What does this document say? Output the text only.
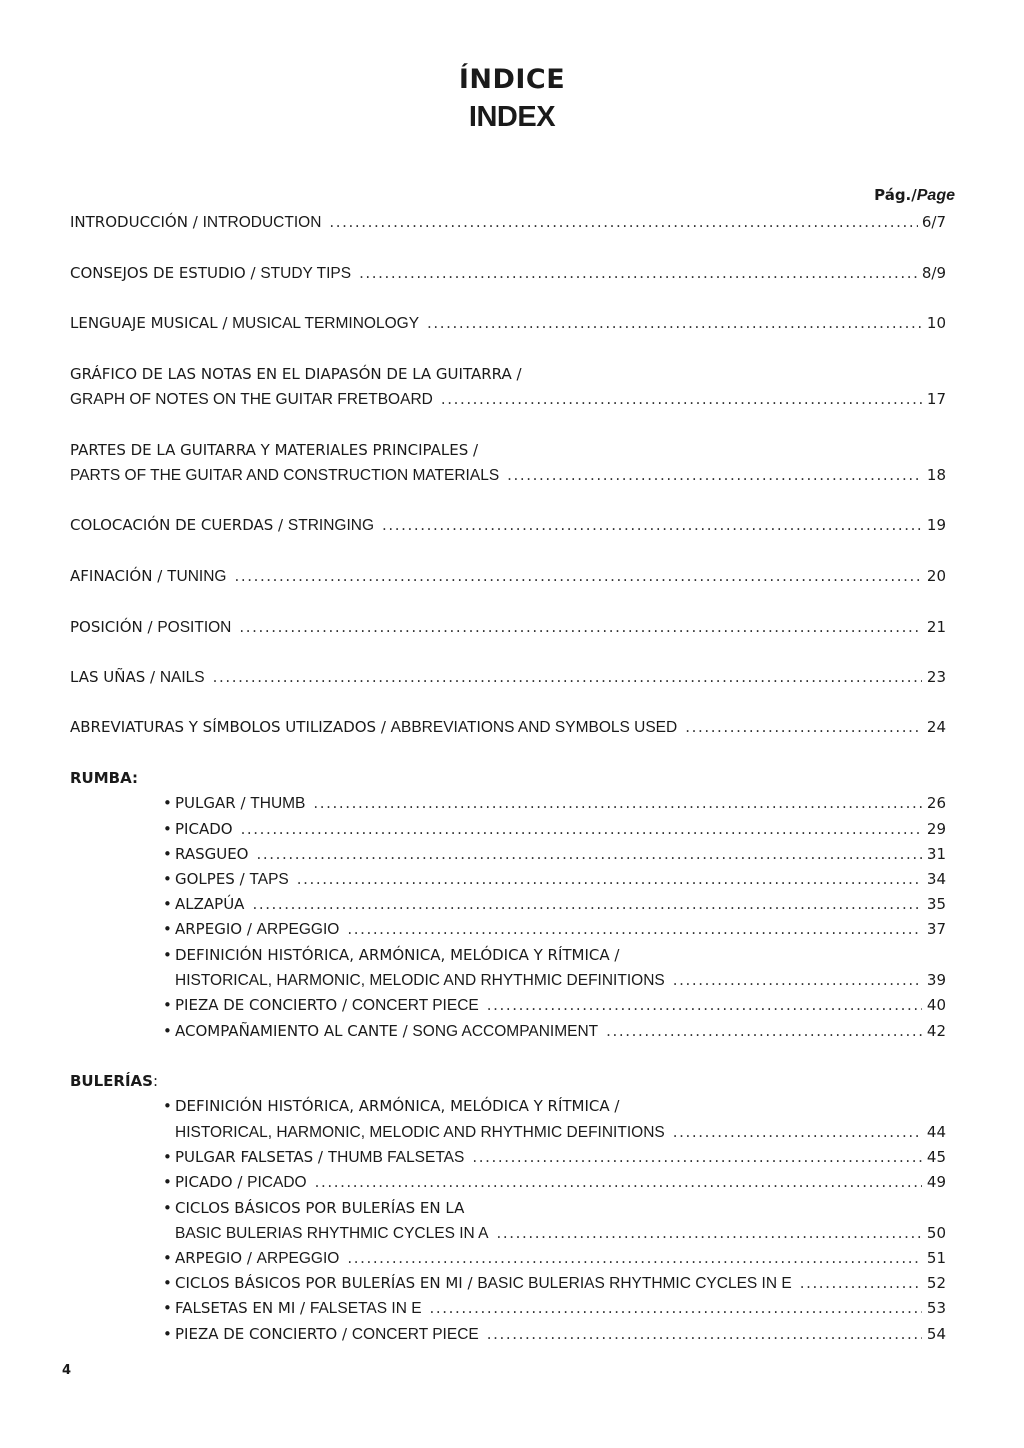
ÍNDICE
INDEX
Pág./Page
INTRODUCCIÓN / INTRODUCTION .....	6/7
CONSEJOS DE ESTUDIO / STUDY TIPS .....	8/9
LENGUAJE MUSICAL / MUSICAL TERMINOLOGY .....	10
GRÁFICO DE LAS NOTAS EN EL DIAPASÓN DE LA GUITARRA /
GRAPH OF NOTES ON THE GUITAR FRETBOARD .....	17
PARTES DE LA GUITARRA Y MATERIALES PRINCIPALES /
PARTS OF THE GUITAR AND CONSTRUCTION MATERIALS .....	18
COLOCACIÓN DE CUERDAS / STRINGING .....	19
AFINACIÓN / TUNING .....	20
POSICIÓN / POSITION .....	21
LAS UÑAS / NAILS .....	23
ABREVIATURAS Y SÍMBOLOS UTILIZADOS / ABBREVIATIONS AND SYMBOLS USED .....	24
RUMBA:
• PULGAR / THUMB .....	26
• PICADO .....	29
• RASGUEO .....	31
• GOLPES / TAPS .....	34
• ALZAPÚA .....	35
• ARPEGIO / ARPEGGIO .....	37
• DEFINICIÓN HISTÓRICA, ARMÓNICA, MELÓDICA Y RÍTMICA /
HISTORICAL, HARMONIC, MELODIC AND RHYTHMIC DEFINITIONS .....	39
• PIEZA DE CONCIERTO / CONCERT PIECE .....	40
• ACOMPAÑAMIENTO AL CANTE / SONG ACCOMPANIMENT .....	42
BULERÍAS:
• DEFINICIÓN HISTÓRICA, ARMÓNICA, MELÓDICA Y RÍTMICA /
HISTORICAL, HARMONIC, MELODIC AND RHYTHMIC DEFINITIONS .....	44
• PULGAR FALSETAS / THUMB FALSETAS .....	45
• PICADO / PICADO .....	49
• CICLOS BÁSICOS POR BULERÍAS EN LA
BASIC BULERIAS RHYTHMIC CYCLES IN A .....	50
• ARPEGIO / ARPEGGIO .....	51
• CICLOS BÁSICOS POR BULERÍAS EN MI / BASIC BULERIAS RHYTHMIC CYCLES IN E .....	52
• FALSETAS EN MI / FALSETAS IN E .....	53
• PIEZA DE CONCIERTO / CONCERT PIECE .....	54
4
